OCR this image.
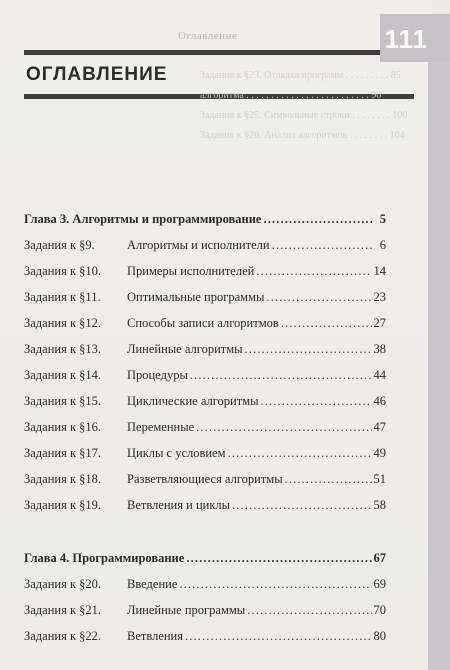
Оглавление
ОГЛАВЛЕНИЕ	Задания к §23. Отладка программ . . . . . . . . . 85
алгоритма . . . . . . . . . . . . . . . . . . . . . . . . . 90
Задания к §25. Символьные строки . . . . . . . . 100
Задания к §26. Анализ алгоритмов . . . . . . . . 104
Глава 3. Алгоритмы и программирование . . .	5
Задания к §9.	Алгоритмы и исполнители . . .	6
Задания к §10.	Примеры исполнителей . . .	14
Задания к §11.	Оптимальные программы . . .	23
Задания к §12.	Способы записи алгоритмов . . .	27
Задания к §13.	Линейные алгоритмы . . .	38
Задания к §14.	Процедуры . . .	44
Задания к §15.	Циклические алгоритмы . . .	46
Задания к §16.	Переменные . . .	47
Задания к §17.	Циклы с условием . . .	49
Задания к §18.	Разветвляющиеся алгоритмы . . .	51
Задания к §19.	Ветвления и циклы . . .	58
Глава 4. Программирование . . .	67
Задания к §20.	Введение . . .	69
Задания к §21.	Линейные программы . . .	70
Задания к §22.	Ветвления . . .	80
111
